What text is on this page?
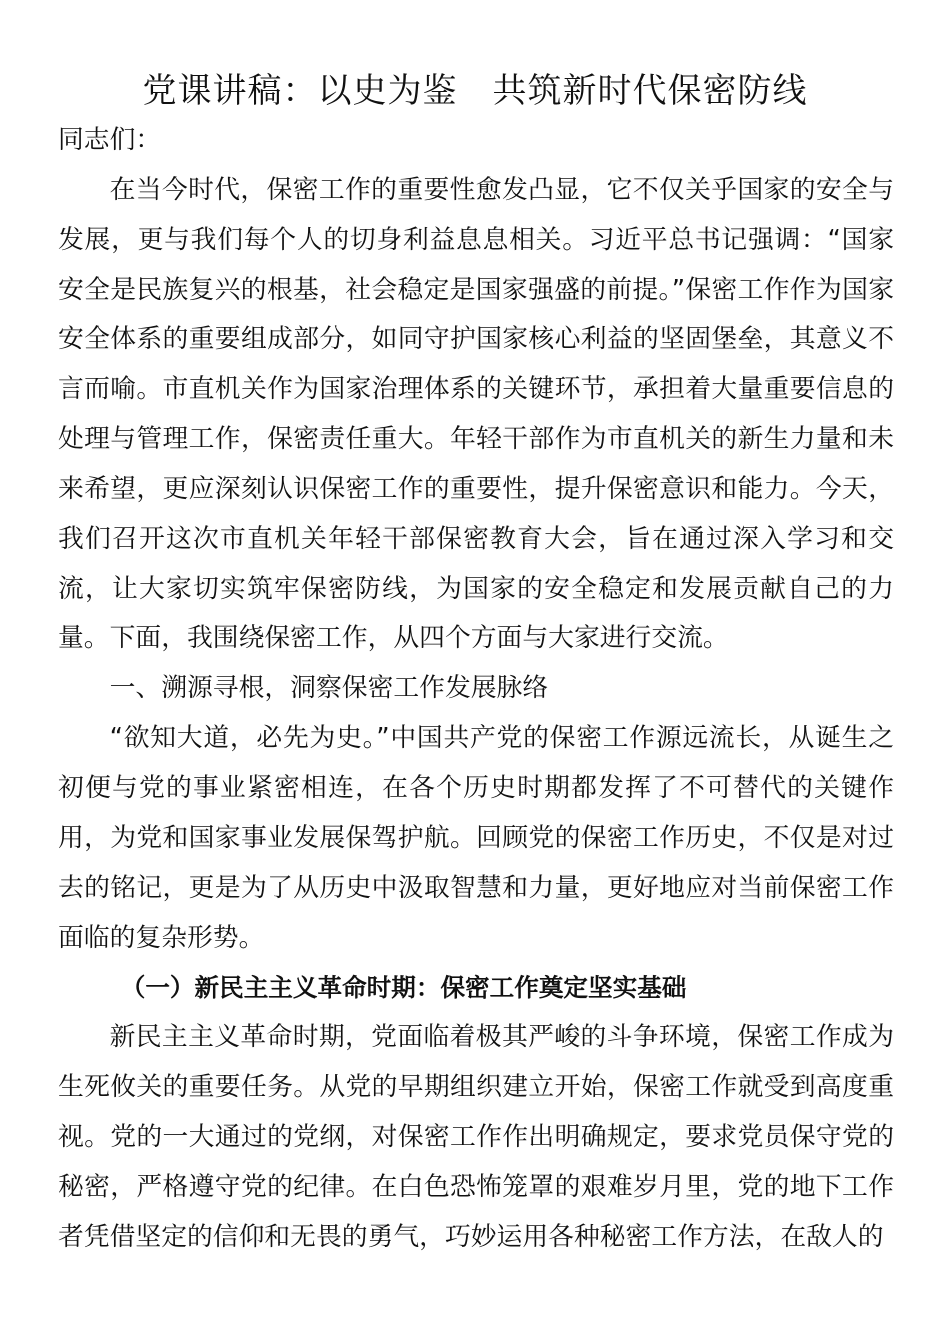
党课讲稿：以史为鉴　共筑新时代保密防线

同志们：

在当今时代，保密工作的重要性愈发凸显，它不仅关乎国家的安全与发展，更与我们每个人的切身利益息息相关。习近平总书记强调：“国家安全是民族复兴的根基，社会稳定是国家强盛的前提。”保密工作作为国家安全体系的重要组成部分，如同守护国家核心利益的坚固堡垒，其意义不言而喻。市直机关作为国家治理体系的关键环节，承担着大量重要信息的处理与管理工作，保密责任重大。年轻干部作为市直机关的新生力量和未来希望，更应深刻认识保密工作的重要性，提升保密意识和能力。今天，我们召开这次市直机关年轻干部保密教育大会，旨在通过深入学习和交流，让大家切实筑牢保密防线，为国家的安全稳定和发展贡献自己的力量。下面，我围绕保密工作，从四个方面与大家进行交流。

一、溯源寻根，洞察保密工作发展脉络

“欲知大道，必先为史。”中国共产党的保密工作源远流长，从诞生之初便与党的事业紧密相连，在各个历史时期都发挥了不可替代的关键作用，为党和国家事业发展保驾护航。回顾党的保密工作历史，不仅是对过去的铭记，更是为了从历史中汲取智慧和力量，更好地应对当前保密工作面临的复杂形势。

（一）新民主主义革命时期：保密工作奠定坚实基础

新民主主义革命时期，党面临着极其严峻的斗争环境，保密工作成为生死攸关的重要任务。从党的早期组织建立开始，保密工作就受到高度重视。党的一大通过的党纲，对保密工作作出明确规定，要求党员保守党的秘密，严格遵守党的纪律。在白色恐怖笼罩的艰难岁月里，党的地下工作者凭借坚定的信仰和无畏的勇气，巧妙运用各种秘密工作方法，在敌人的
